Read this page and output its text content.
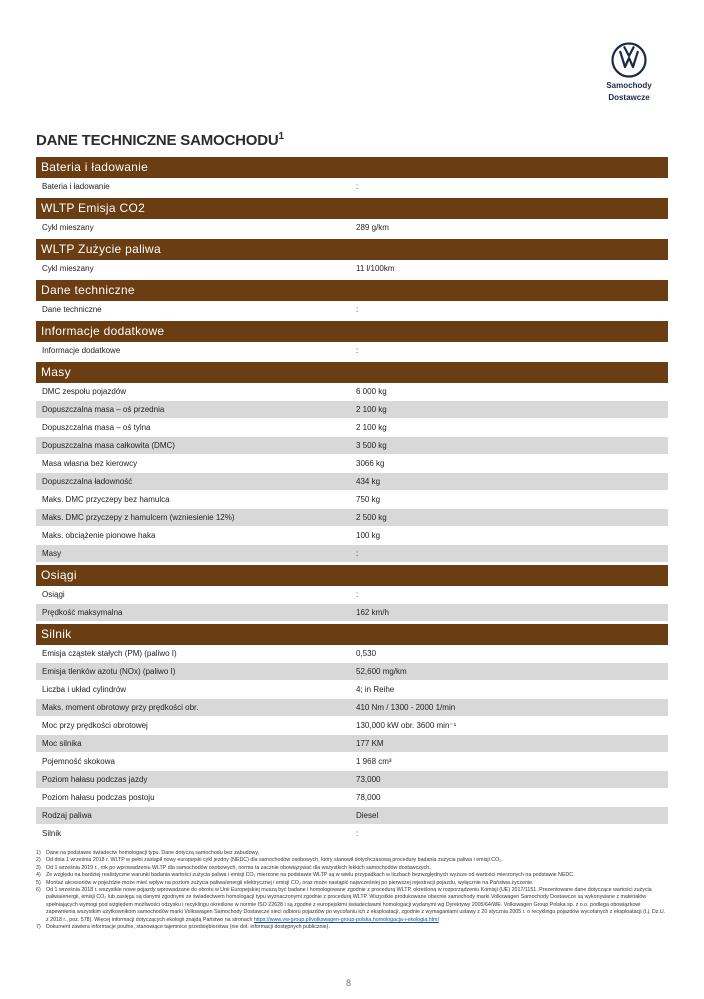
Samochody
Dostawcze
DANE TECHNICZNE SAMOCHODU$^1$
Bateria i ładowanie
Bateria i ładowanie	:
WLTP Emisja CO2
Cykl mieszany	289 g/km
WLTP Zużycie paliwa
Cykl mieszany	11 l/100km
Dane techniczne
Dane techniczne	:
Informacje dodatkowe
Informacje dodatkowe	:
Masy
DMC zespołu pojazdów	6 000 kg
Dopuszczalna masa – oś przednia	2 100 kg
Dopuszczalna masa – oś tylna	2 100 kg
Dopuszczalna masa całkowita (DMC)	3 500 kg
Masa własna bez kierowcy	3066 kg
Dopuszczalna ładowność	434 kg
Maks. DMC przyczepy bez hamulca	750 kg
Maks. DMC przyczepy z hamulcem (wzniesienie 12%)	2 500 kg
Maks. obciążenie pionowe haka	100 kg
Masy	:
Osiągi
Osiągi	:
Prędkość maksymalna	162 km/h
Silnik
Emisja cząstek stałych (PM) (paliwo I)	0,530
Emisja tlenków azotu (NOx) (paliwo I)	52,600 mg/km
Liczba i układ cylindrów	4; in Reihe
Maks. moment obrotowy przy prędkości obr.	410 Nm / 1300 - 2000 1/min
Moc przy prędkości obrotowej	130,000 kW obr. 3600 min⁻¹
Moc silnika	177 KM
Pojemność skokowa	1 968 cm³
Poziom hałasu podczas jazdy	73,000
Poziom hałasu podczas postoju	78,000
Rodzaj paliwa	Diesel
Silnik	:
1) Dane na podstawie świadectw homologacji typu. Dane dotyczą samochodu bez zabudowy.
2) Od dnia 1 września 2018 r. WLTP w pełni zastąpił nowy europejski cykl jezdny (NEDC) dla samochodów osobowych, który stanowił dotychczasową procedurę badania zużycia paliwa i emisji CO₂.
3) Od 1 września 2019 r., rok po wprowadzeniu WLTP dla samochodów osobowych, norma ta zacznie obowiązywać dla wszystkich lekkich samochodów dostawczych.
4) Ze względu na bardziej realistyczne warunki badania wartości zużycia paliwa i emisji CO₂ mierzone na podstawie WLTP są w wielu przypadkach w liczbach bezwzględnych wyższe od wartości mierzonych na podstawie NEDC.
5) Montaż akcesoriów w pojeździe może mieć wpływ na poziom zużycia paliwa/energii elektrycznej i emisji CO₂ oraz może nastąpić najwcześniej po pierwszej rejestracji pojazdu, wyłącznie na Państwa życzenie.
6) Od 1 września 2018 r. wszystkie nowe pojazdy wprowadzane do obrotu w Unii Europejskiej muszą być badane i homologowane zgodnie z procedurą WLTP, określoną w rozporządzeniu Komisji (UE) 2017/1151. Prezentowane dane dotyczące wartości zużycia paliwa/energii, emisji CO₂ lub zasięgu są danymi zgodnymi ze świadectwem homologacji typu wyznaczonymi zgodnie z procedurą WLTP. Wszystkie produkowane obecnie samochody marki Volkswagen Samochody Dostawcze są wykonywane z materiałów spełniających wymogi pod względem możliwości odzysku i recyklingu określone w normie ISO 22628 i są zgodne z europejskimi świadectwami homologacji wydanymi wg Dyrektywy 2005/64/WE. Volkswagen Group Polska sp. z o.o. podlega obowiązkowi zapewnienia wszystkim użytkownikom samochodów marki Volkswagen Samochody Dostawcze sieci odbioru pojazdów po wycofaniu ich z eksploatacji, zgodnie z wymaganiami ustawy z 20 stycznia 2005 r. o recyklingu pojazdów wycofanych z eksploatacji (t.j. Dz.U. z 2018 r., poz. 578). Więcej informacji dotyczących ekologii znajdą Państwo na stronach https://www.vw-group.pl/volkswagen-group-polska,homologacja-i-ekologia.html
7) Dokument zawiera informacje poufne, stanowiące tajemnice przedsiębiorstwa (nie dot. informacji dostępnych publicznie).
8
